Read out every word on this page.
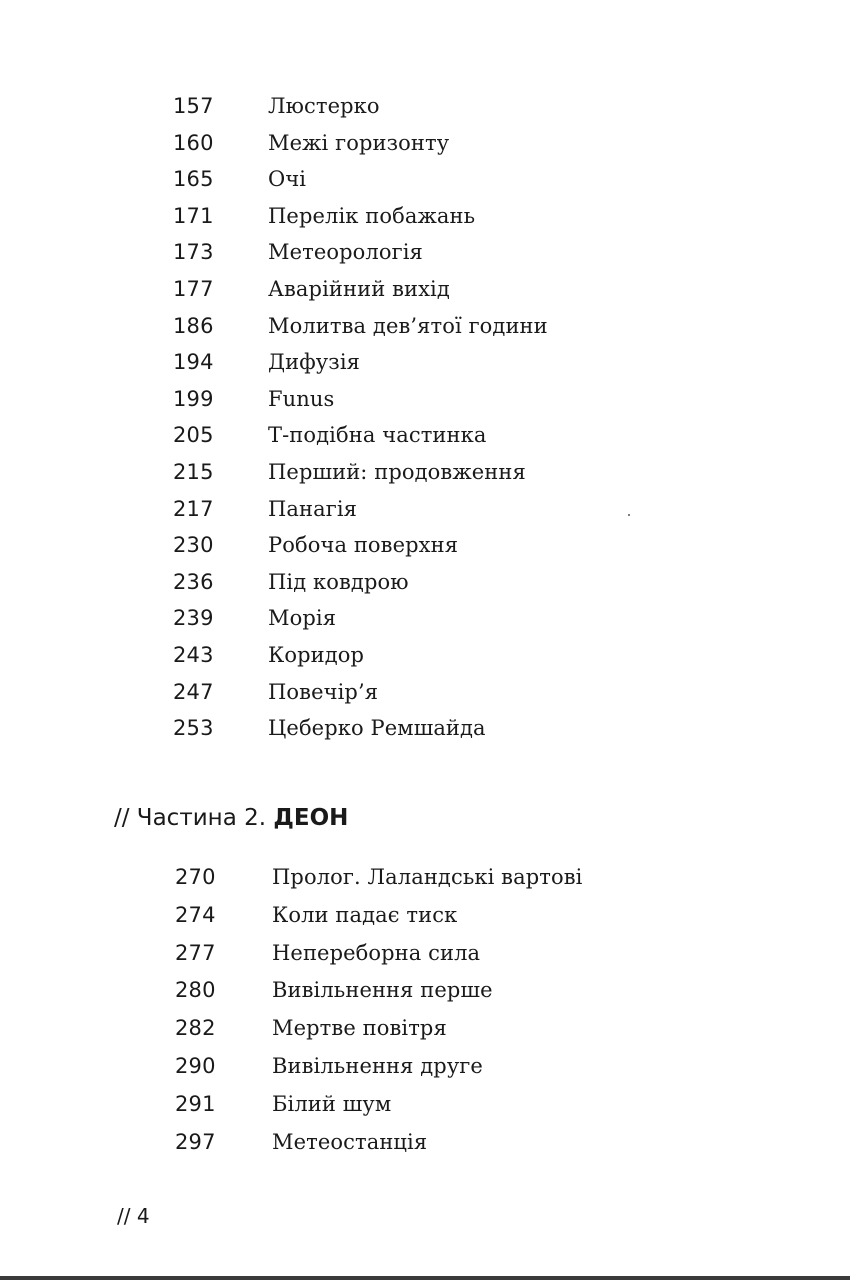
157	Люстерко
160	Межі горизонту
165	Очі
171	Перелік побажань
173	Метеорологія
177	Аварійний вихід
186	Молитва дев’ятої години
194	Дифузія
199	Funus
205	Т-подібна частинка
215	Перший: продовження
217	Панагія
230	Робоча поверхня
236	Під ковдрою
239	Морія
243	Коридор
247	Повечір’я
253	Цеберко Ремшайда
// Частина 2. ДЕОН
270	Пролог. Лаландські вартові
274	Коли падає тиск
277	Непереборна сила
280	Вивільнення перше
282	Мертве повітря
290	Вивільнення друге
291	Білий шум
297	Метеостанція
// 4
